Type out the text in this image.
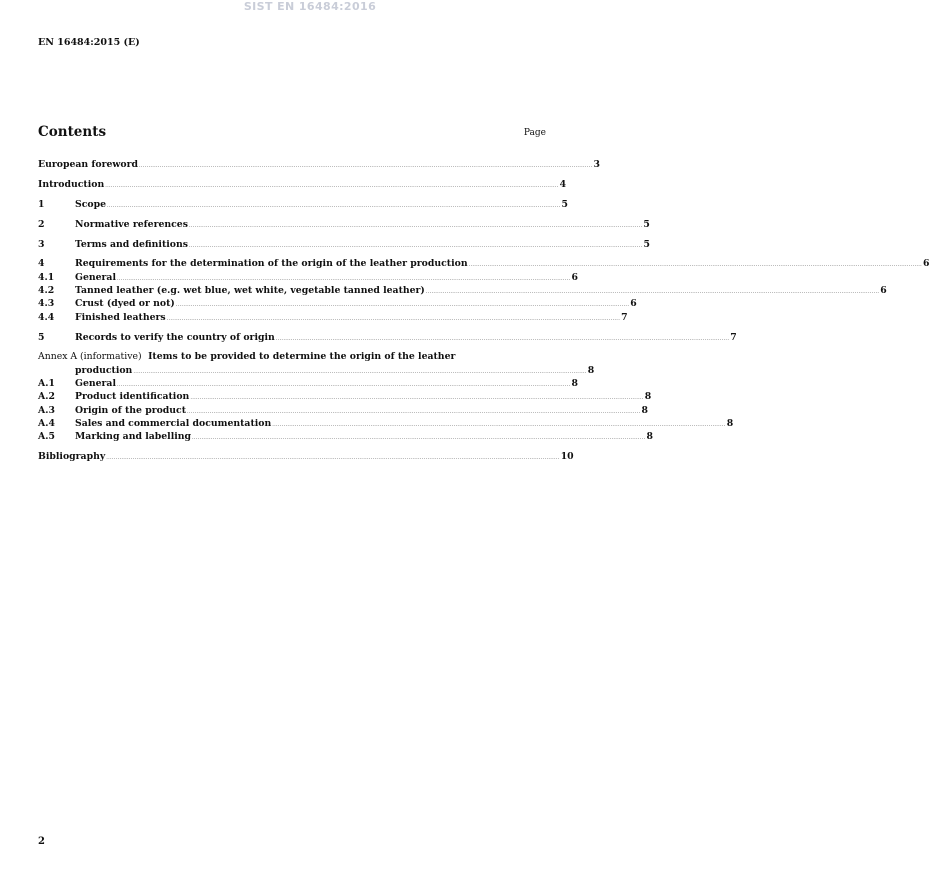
SIST EN 16484:2016
EN 16484:2015 (E)
Contents	Page
European foreword ................................................................................................................................................................................................................................................ 3
Introduction ................................................................................................................................................................................................................................................ 4
1	Scope ................................................................................................................................................................................................................................................ 5
2	Normative references ................................................................................................................................................................................................................................................ 5
3	Terms and definitions ................................................................................................................................................................................................................................................ 5
4	Requirements for the determination of the origin of the leather production ................................................................................................................................................................................................................................................ 6
4.1	General ................................................................................................................................................................................................................................................ 6
4.2	Tanned leather (e.g. wet blue, wet white, vegetable tanned leather) ................................................................................................................................................................................................................................................ 6
4.3	Crust (dyed or not) ................................................................................................................................................................................................................................................ 6
4.4	Finished leathers ................................................................................................................................................................................................................................................ 7
5	Records to verify the country of origin ................................................................................................................................................................................................................................................ 7
Annex A (informative) Items to be provided to determine the origin of the leather
production ................................................................................................................................................................................................................................................ 8
A.1	General ................................................................................................................................................................................................................................................ 8
A.2	Product identification ................................................................................................................................................................................................................................................ 8
A.3	Origin of the product ................................................................................................................................................................................................................................................ 8
A.4	Sales and commercial documentation ................................................................................................................................................................................................................................................ 8
A.5	Marking and labelling ................................................................................................................................................................................................................................................ 8
Bibliography ................................................................................................................................................................................................................................................ 10
2
